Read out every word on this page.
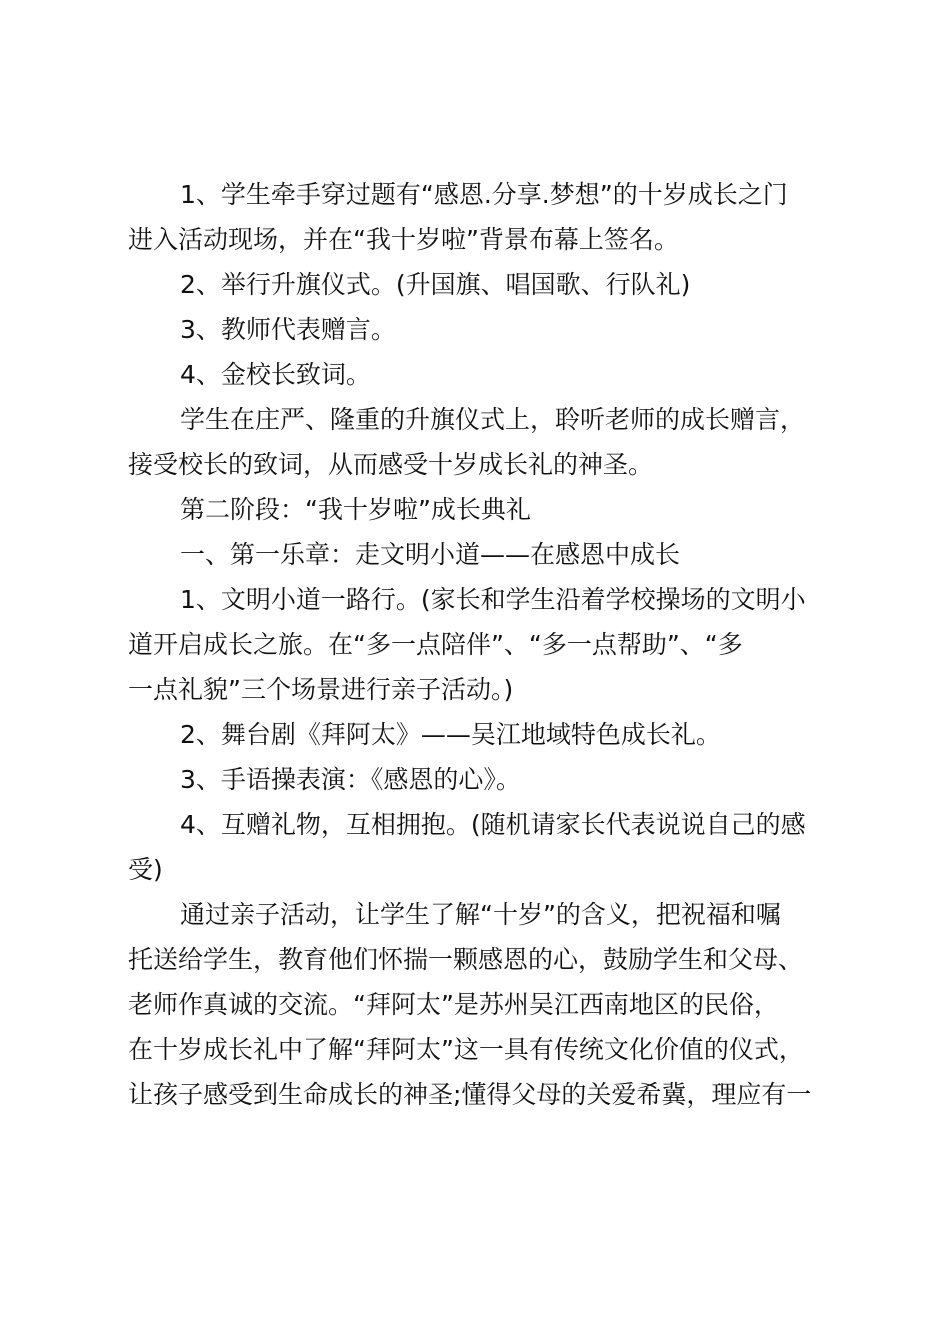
1、学生牵手穿过题有“感恩.分享.梦想”的十岁成长之门
进入活动现场，并在“我十岁啦”背景布幕上签名。
2、举行升旗仪式。(升国旗、唱国歌、行队礼)
3、教师代表赠言。
4、金校长致词。
学生在庄严、隆重的升旗仪式上，聆听老师的成长赠言，
接受校长的致词，从而感受十岁成长礼的神圣。
第二阶段：“我十岁啦”成长典礼
一、第一乐章：走文明小道——在感恩中成长
1、文明小道一路行。(家长和学生沿着学校操场的文明小
道开启成长之旅。在“多一点陪伴”、“多一点帮助”、“多
一点礼貌”三个场景进行亲子活动。)
2、舞台剧《拜阿太》——吴江地域特色成长礼。
3、手语操表演：《感恩的心》。
4、互赠礼物，互相拥抱。(随机请家长代表说说自己的感
受)
通过亲子活动，让学生了解“十岁”的含义，把祝福和嘱
托送给学生，教育他们怀揣一颗感恩的心，鼓励学生和父母、
老师作真诚的交流。“拜阿太”是苏州吴江西南地区的民俗，
在十岁成长礼中了解“拜阿太”这一具有传统文化价值的仪式，
让孩子感受到生命成长的神圣;懂得父母的关爱希冀，理应有一
